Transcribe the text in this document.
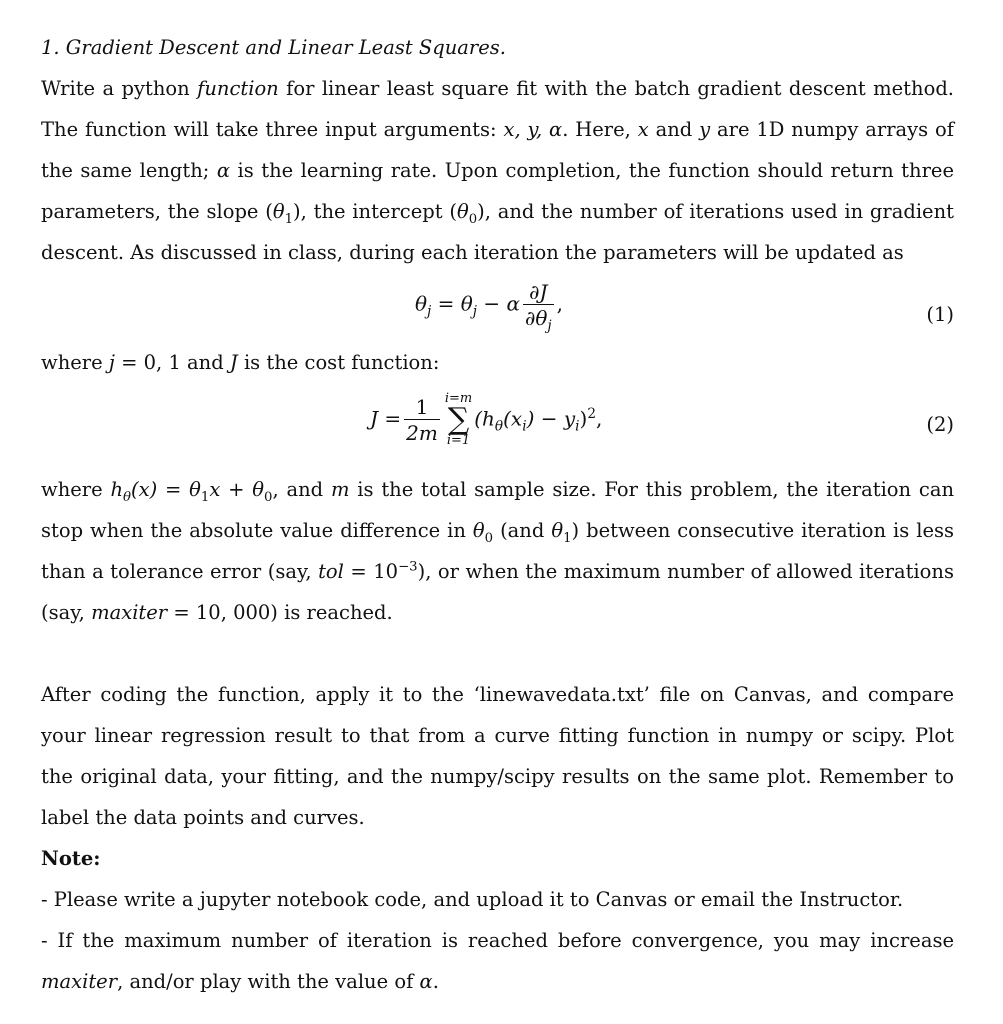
1. Gradient Descent and Linear Least Squares.
Write a python function for linear least square fit with the batch gradient descent method.
The function will take three input arguments: x, y, α. Here, x and y are 1D numpy arrays of
the same length; α is the learning rate. Upon completion, the function should return three
parameters, the slope $(\theta_1)$, the intercept $(\theta_0)$, and the number of iterations used in gradient
descent. As discussed in class, during each iteration the parameters will be updated as
$\theta_j = \theta_j - \alpha \frac{\partial J}{\partial\theta_j}$ ,	(1)
where j = 0, 1 and J is the cost function:
$J = \frac{1}{2m} i=m$
∑
i=1
$(h_\theta(x_i) - y_i)^2$,	(2)
where $h_\theta(x) = \theta_1x + \theta_0$, and m is the total sample size. For this problem, the iteration can
stop when the absolute value difference in $\theta_0$ (and $\theta_1$) between consecutive iteration is less
than a tolerance error (say, tol = $10^{-3}$), or when the maximum number of allowed iterations
(say, maxiter = 10, 000) is reached.
After coding the function, apply it to the ‘linewavedata.txt’ file on Canvas, and compare
your linear regression result to that from a curve fitting function in numpy or scipy. Plot
the original data, your fitting, and the numpy/scipy results on the same plot. Remember to
label the data points and curves.
Note:
- Please write a jupyter notebook code, and upload it to Canvas or email the Instructor.
- If the maximum number of iteration is reached before convergence, you may increase
maxiter, and/or play with the value of α.
